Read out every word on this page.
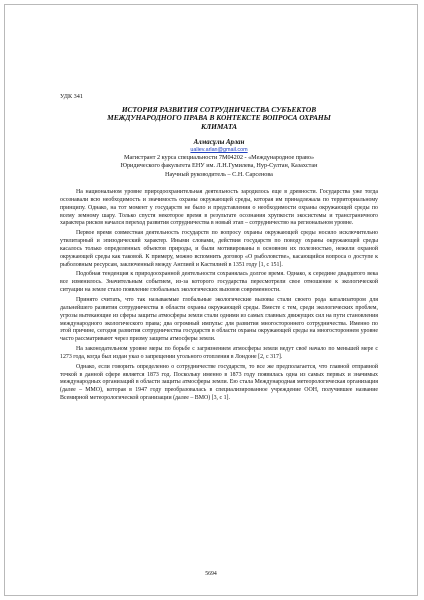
УДК 341

ИСТОРИЯ РАЗВИТИЯ СОТРУДНИЧЕСТВА СУБЪЕКТОВ МЕЖДУНАРОДНОГО ПРАВА В КОНТЕКСТЕ ВОПРОСА ОХРАНЫ КЛИМАТА

Алмасұлы Арлан

ualiev.arlan@gmail.com

Магистрант 2 курса специальности 7М04202 - «Международное право»

Юридического факультета ЕНУ им. Л.Н.Гумилева, Нур-Султан, Казахстан

Научный руководитель – С.Н. Сарсенова

На национальном уровне природоохранительная деятельность зародилось еще в древности. Государства уже тогда осознавали всю необходимость и значимость охраны окружающей среды, которая им принадлежала по территориальному принципу. Однако, на тот момент у государств не было и представления о необходимости охраны окружающей среды по всему земному шару. Только спустя некоторое время в результате осознания хрупкости экосистемы и трансграничного характера рисков начался переход развития сотрудничества в новый этап – сотрудничество на региональном уровне.

Первое время совместная деятельность государств по вопросу охраны окружающей среды носило исключительно утилитарный и эпизодический характер. Иными словами, действия государств по поводу охраны окружающей среды касалось только определенных объектов природы, и были мотивированы в основном их полезностью, нежели охраной окружающей среды как таковой. К примеру, можно вспомнить договор «О рыболовстве», касающийся вопроса о доступе к рыболовным ресурсам, заключенный между Англией и Кастилией в 1351 году [1, с 151].

Подобная тенденция к природоохранной деятельности сохранялась долгое время. Однако, к середине двадцатого века все изменилось. Значительным событием, из-за которого государства пересмотрели свое отношение к экологической ситуации на земле стало появление глобальных экологических вызовов современности.

Принято считать, что так называемые глобальные экологические вызовы стали своего рода катализатором для дальнейшего развития сотрудничества в области охраны окружающей среды. Вместе с тем, среди экологических проблем, угрозы вытекающие из сферы защиты атмосферы земли стали одними из самых главных движущих сил на пути становления международного экологического права; два огромный импульс для развития многостороннего сотрудничества. Именно по этой причине, сегодня развития сотрудничества государств в области охраны окружающей среды на многостороннем уровне часто рассматривают через призму защиты атмосферы земли.

На законодательном уровне меры по борьбе с загрязнением атмосферы земли ведут своё начало по меньшей мере с 1273 года, когда был издан указ о запрещении угольного отопления в Лондоне [2, с 317].

Однако, если говорить определенно о сотрудничестве государств, то все же предполагается, что главной отправной точкой в данной сфере является 1873 год. Поскольку именно в 1873 году появилась одна из самых первых и значимых международных организаций в области защиты атмосферы земли. Ею стала Международная метеорологическая организация (далее – ММО), которая в 1947 году преобразовалась в специализированное учреждение ООН, получившее название Всемирной метеорологической организации (далее – ВМО) [3, с 1].

5694
